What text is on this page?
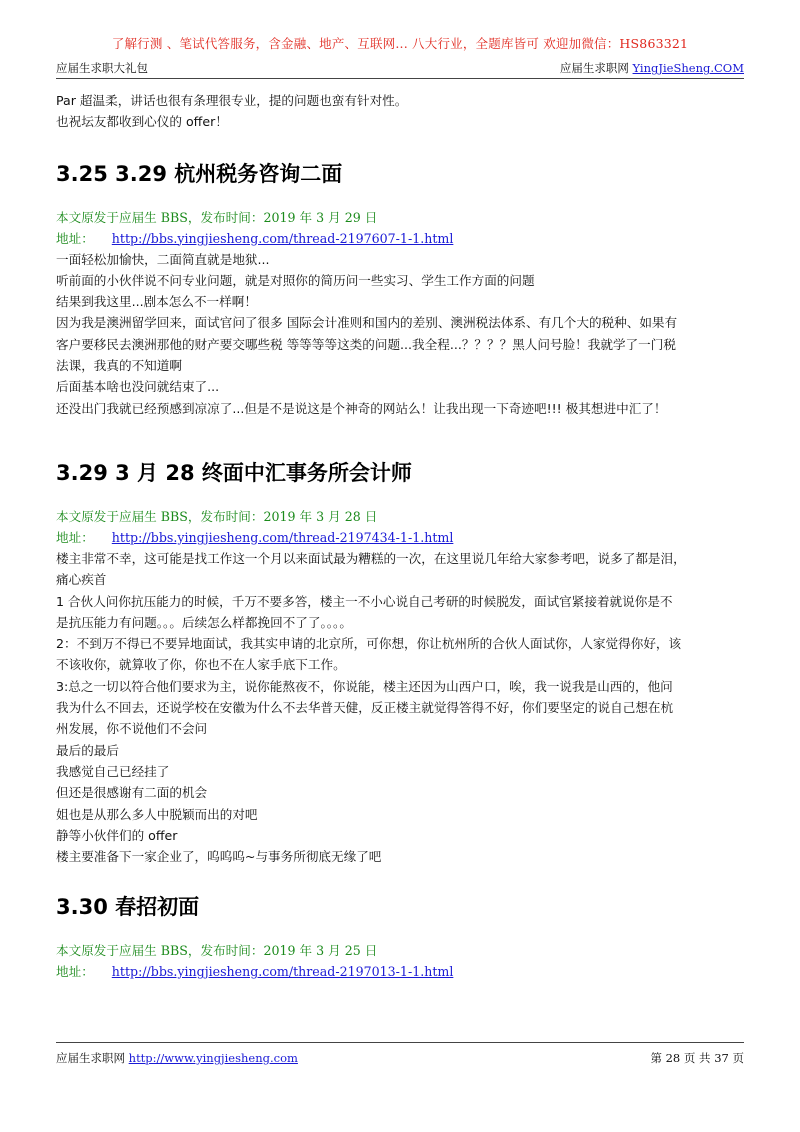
了解行测 、笔试代答服务，含金融、地产、互联网... 八大行业，全题库皆可 欢迎加微信：HS863321
应届生求职大礼包	应届生求职网 YingJieSheng.COM

Par 超温柔，讲话也很有条理很专业，提的问题也蛮有针对性。

也祝坛友都收到心仪的 offer！

3.25 3.29 杭州税务咨询二面

本文原发于应届生 BBS，发布时间：2019 年 3 月 29 日

地址： http://bbs.yingjiesheng.com/thread-2197607-1-1.html

一面轻松加愉快，二面简直就是地狱...

听前面的小伙伴说不问专业问题，就是对照你的简历问一些实习、学生工作方面的问题

结果到我这里...剧本怎么不一样啊！

因为我是澳洲留学回来，面试官问了很多 国际会计准则和国内的差别、澳洲税法体系、有几个大的税种、如果有

客户要移民去澳洲那他的财产要交哪些税 等等等等这类的问题...我全程...？？？？黑人问号脸！我就学了一门税

法课，我真的不知道啊

后面基本啥也没问就结束了...

还没出门我就已经预感到凉凉了...但是不是说这是个神奇的网站么！让我出现一下奇迹吧!!! 极其想进中汇了！

3.29 3 月 28 终面中汇事务所会计师

本文原发于应届生 BBS，发布时间：2019 年 3 月 28 日

地址： http://bbs.yingjiesheng.com/thread-2197434-1-1.html

楼主非常不幸，这可能是找工作这一个月以来面试最为糟糕的一次，在这里说几年给大家参考吧，说多了都是泪，

痛心疾首

1 合伙人问你抗压能力的时候，千万不要多答，楼主一不小心说自己考研的时候脱发，面试官紧接着就说你是不

是抗压能力有问题。。。后续怎么样都挽回不了了。。。。

2：不到万不得已不要异地面试，我其实申请的北京所，可你想，你让杭州所的合伙人面试你，人家觉得你好，该

不该收你，就算收了你，你也不在人家手底下工作。

3:总之一切以符合他们要求为主，说你能熬夜不，你说能，楼主还因为山西户口，唉，我一说我是山西的，他问

我为什么不回去，还说学校在安徽为什么不去华普天健，反正楼主就觉得答得不好，你们要坚定的说自己想在杭

州发展，你不说他们不会问

最后的最后

我感觉自己已经挂了

但还是很感谢有二面的机会

姐也是从那么多人中脱颖而出的对吧

静等小伙伴们的 offer

楼主要准备下一家企业了，呜呜呜~与事务所彻底无缘了吧

3.30 春招初面

本文原发于应届生 BBS，发布时间：2019 年 3 月 25 日

地址： http://bbs.yingjiesheng.com/thread-2197013-1-1.html

应届生求职网 http://www.yingjiesheng.com	第 28 页 共 37 页
